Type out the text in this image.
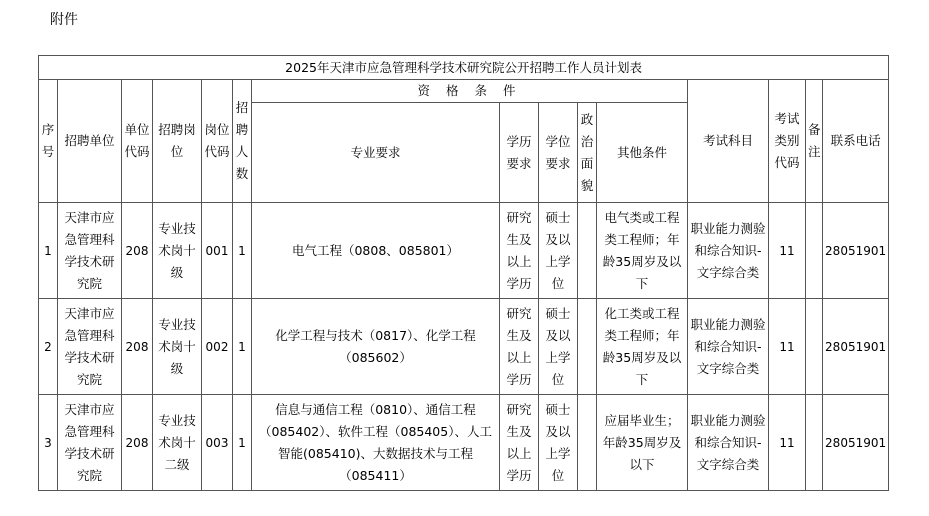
附件
2025年天津市应急管理科学技术研究院公开招聘工作人员计划表														
序号	招聘单位	单位代码	招聘岗位	岗位代码	招聘人数	资 格 条 件					考试科目	考试类别代码	备注	联系电话
						专业要求	学历要求	学位要求	政治面貌	其他条件				
1	天津市应急管理科学技术研究院	208	专业技术岗十级	001	1	电气工程（0808、085801）	研究生及以上学历	硕士及以上学位		电气类或工程类工程师；年龄35周岁及以下	职业能力测验和综合知识-文字综合类	11		28051901
2	天津市应急管理科学技术研究院	208	专业技术岗十级	002	1	化学工程与技术（0817）、化学工程（085602）	研究生及以上学历	硕士及以上学位		化工类或工程类工程师；年龄35周岁及以下	职业能力测验和综合知识-文字综合类	11		28051901
3	天津市应急管理科学技术研究院	208	专业技术岗十二级	003	1	信息与通信工程（0810）、通信工程（085402）、软件工程（085405）、人工智能(085410)、大数据技术与工程（085411）	研究生及以上学历	硕士及以上学位		应届毕业生；年龄35周岁及以下	职业能力测验和综合知识-文字综合类	11		28051901
